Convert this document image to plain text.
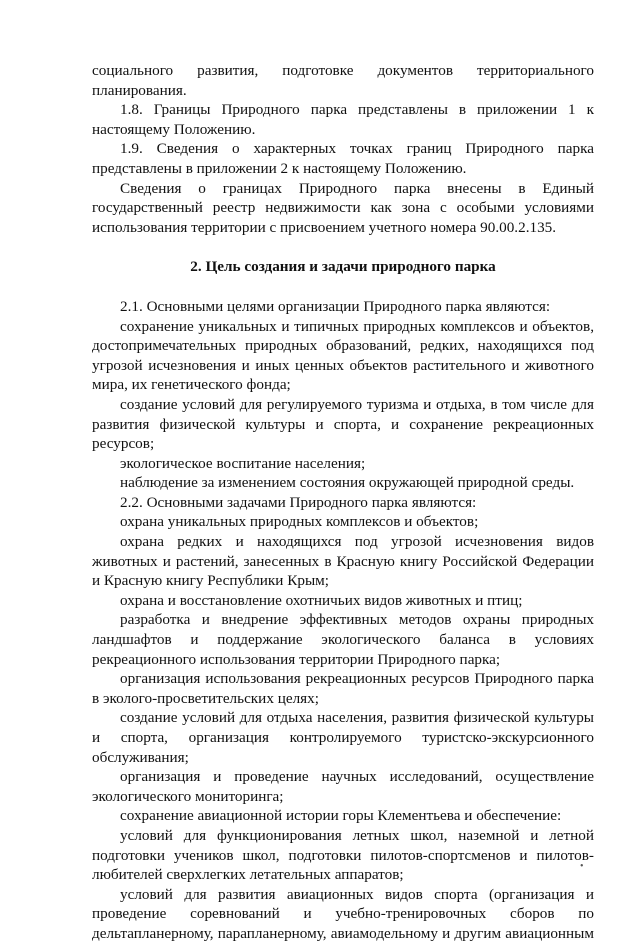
социального развития, подготовке документов территориального планирования.

1.8. Границы Природного парка представлены в приложении 1 к настоящему Положению.

1.9. Сведения о характерных точках границ Природного парка представлены в приложении 2 к настоящему Положению.

Сведения о границах Природного парка внесены в Единый государственный реестр недвижимости как зона с особыми условиями использования территории с присвоением учетного номера 90.00.2.135.

2. Цель создания и задачи природного парка

2.1. Основными целями организации Природного парка являются:

сохранение уникальных и типичных природных комплексов и объектов, достопримечательных природных образований, редких, находящихся под угрозой исчезновения и иных ценных объектов растительного и животного мира, их генетического фонда;

создание условий для регулируемого туризма и отдыха, в том числе для развития физической культуры и спорта, и сохранение рекреационных ресурсов;

экологическое воспитание населения;

наблюдение за изменением состояния окружающей природной среды.

2.2. Основными задачами Природного парка являются:

охрана уникальных природных комплексов и объектов;

охрана редких и находящихся под угрозой исчезновения видов животных и растений, занесенных в Красную книгу Российской Федерации и Красную книгу Республики Крым;

охрана и восстановление охотничьих видов животных и птиц;

разработка и внедрение эффективных методов охраны природных ландшафтов и поддержание экологического баланса в условиях рекреационного использования территории Природного парка;

организация использования рекреационных ресурсов Природного парка в эколого-просветительских целях;

создание условий для отдыха населения, развития физической культуры и спорта, организация контролируемого туристско-экскурсионного обслуживания;

организация и проведение научных исследований, осуществление экологического мониторинга;

сохранение авиационной истории горы Клементьева и обеспечение:

условий для функционирования летных школ, наземной и летной подготовки учеников школ, подготовки пилотов-спортсменов и пилотов-любителей сверхлегких летательных аппаратов;

условий для развития авиационных видов спорта (организация и проведение соревнований и учебно-тренировочных сборов по дельтапланерному, парапланерному, авиамодельному и другим авиационным

•
